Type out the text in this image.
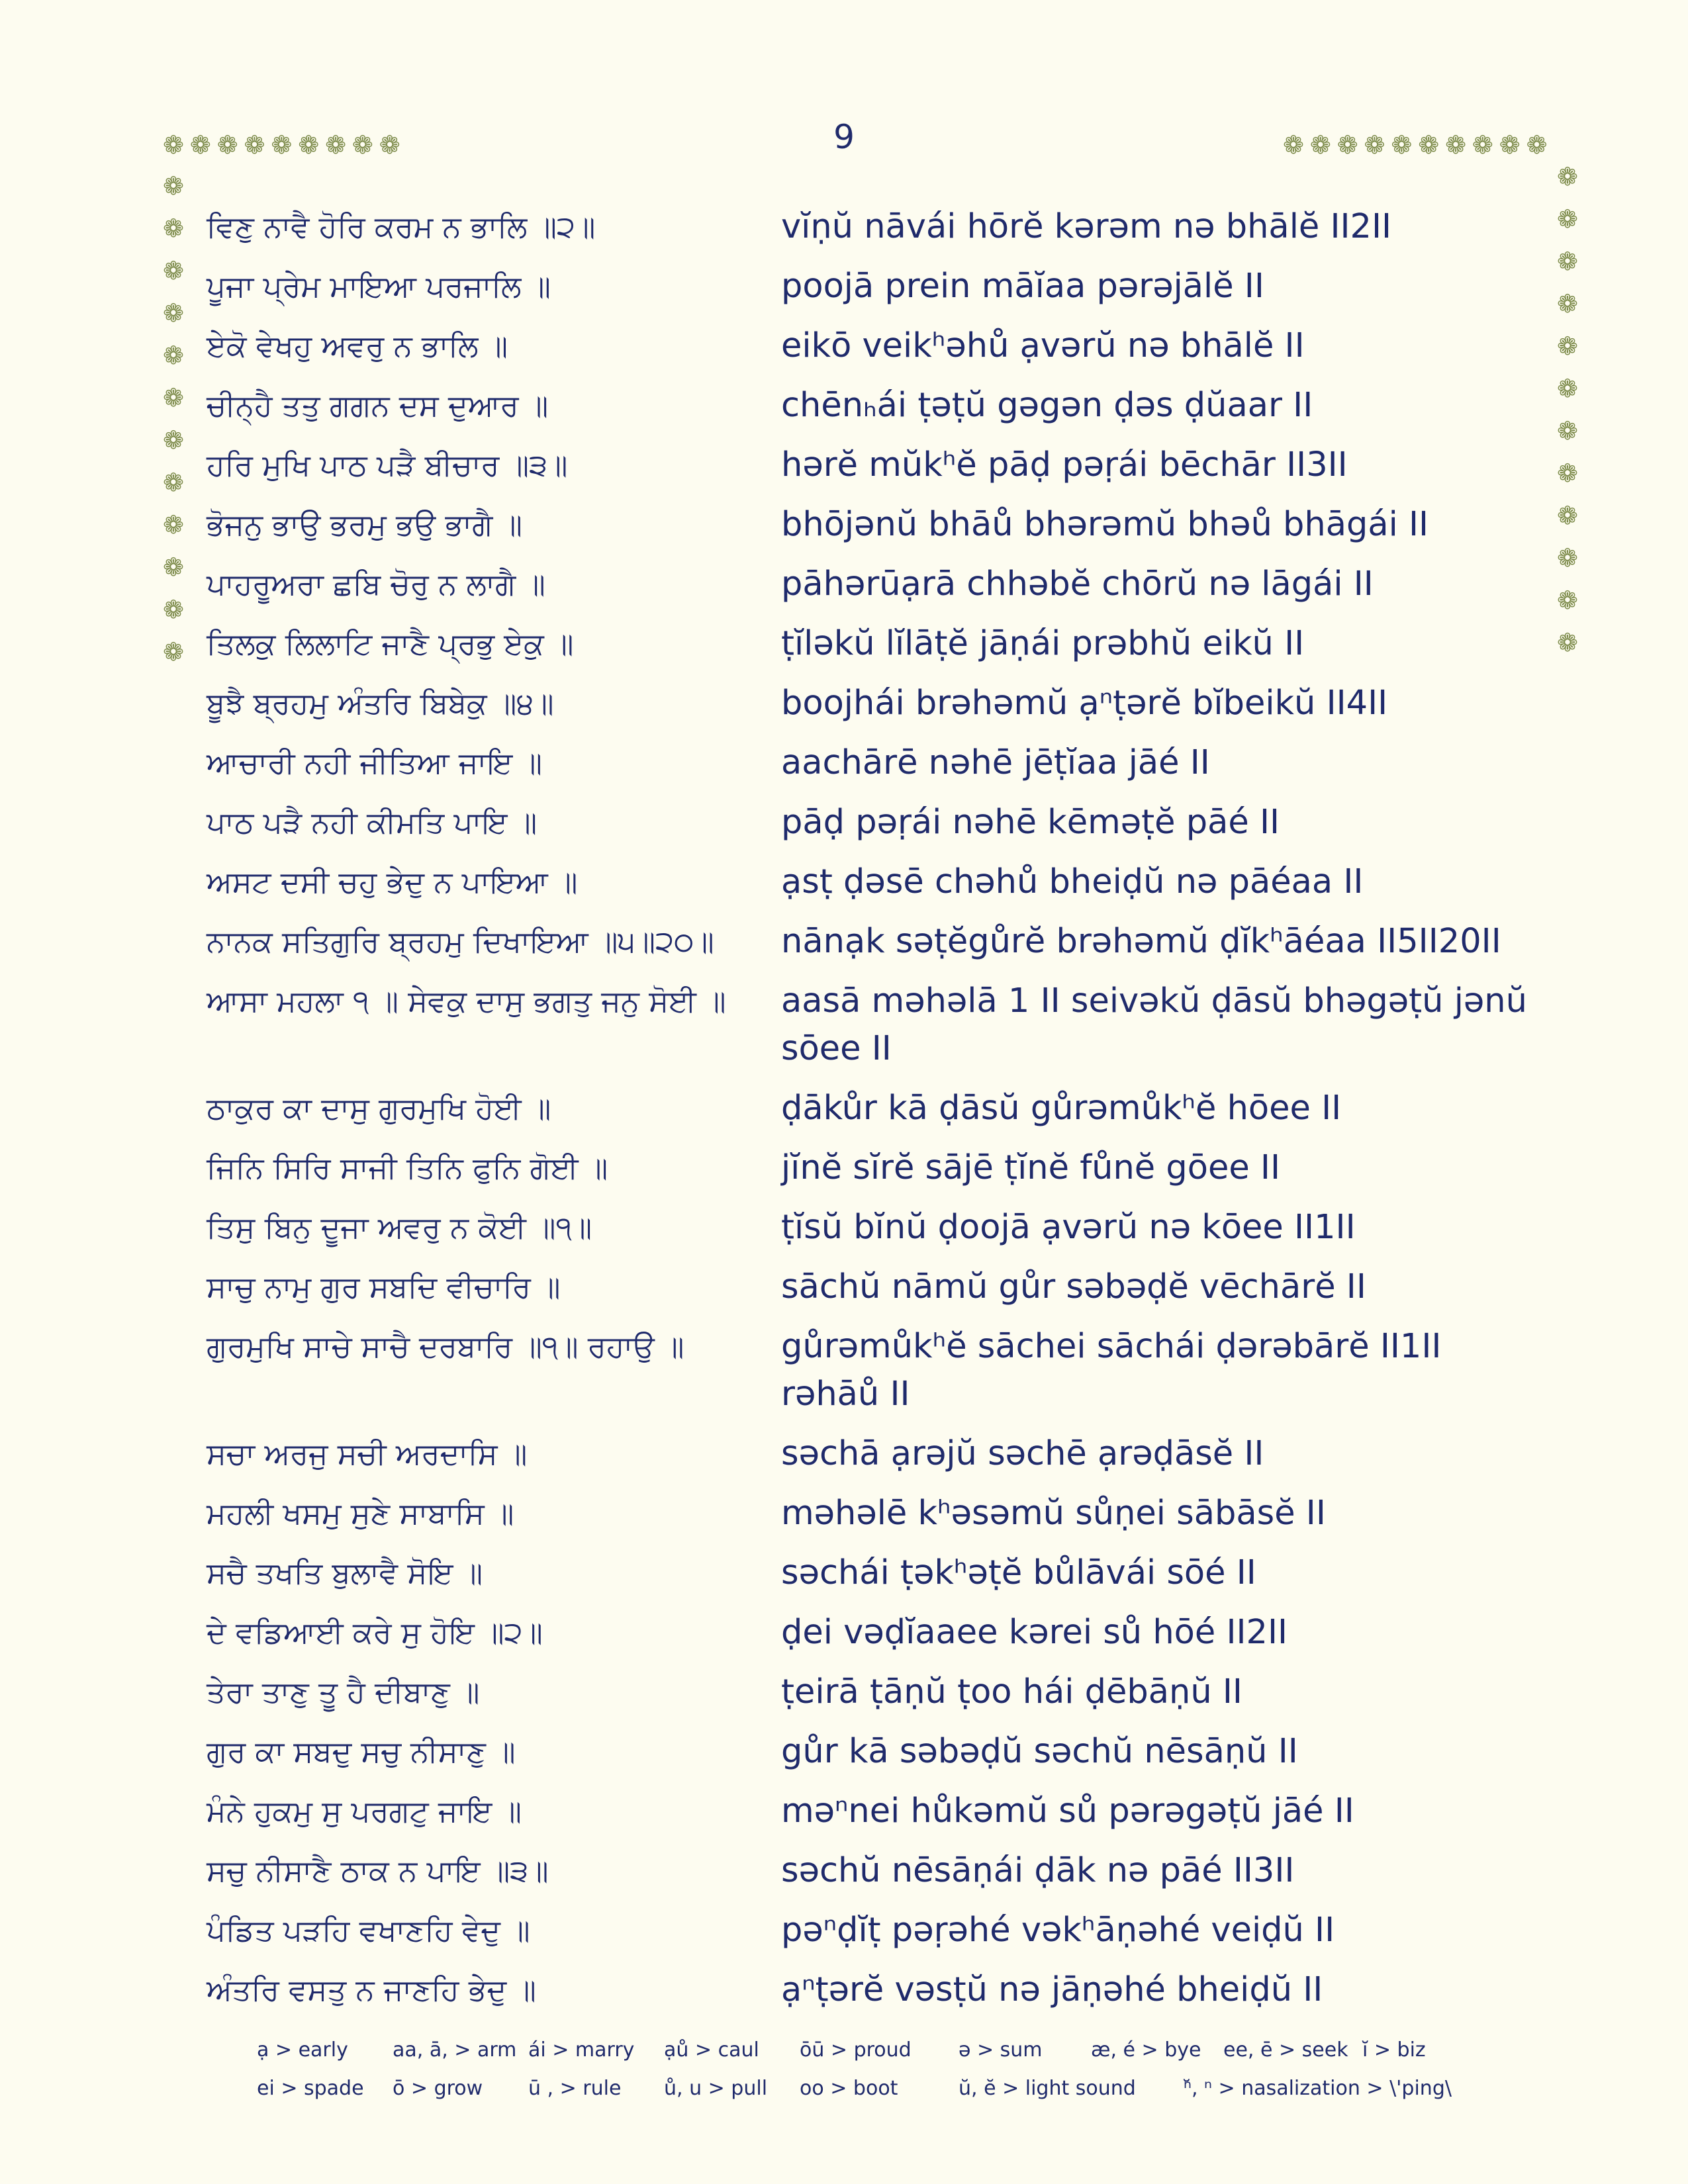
9
❁ ❁ ❁ ❁ ❁ ❁ ❁ ❁ ❁
❁
❁
❁
❁
❁
❁
❁
❁
❁
❁
❁
❁
❁ ❁ ❁ ❁ ❁ ❁ ❁ ❁ ❁ ❁
❁
❁
❁
❁
❁
❁
❁
❁
❁
❁
❁
❁
ਵਿਣੁ ਨਾਵੈ ਹੋਰਿ ਕਰਮ ਨ ਭਾਲਿ ॥੨॥	vĭṇŭ nāvái hōrĕ kərəm nə bhālĕ II2II
ਪੂਜਾ ਪ੍ਰੇਮ ਮਾਇਆ ਪਰਜਾਲਿ ॥	poojā prein māĭaa pərəjālĕ II
ਏਕੋ ਵੇਖਹੁ ਅਵਰੁ ਨ ਭਾਲਿ ॥	eikō veikʰəhů ạvərŭ nə bhālĕ II
ਚੀਨ੍ਹੈ ਤਤੁ ਗਗਨ ਦਸ ਦੁਆਰ ॥	chēnₕái ṭəṭŭ gəgən ḍəs ḍŭaar II
ਹਰਿ ਮੁਖਿ ਪਾਠ ਪੜੈ ਬੀਚਾਰ ॥੩॥	hərĕ mŭkʰĕ pāḍ pəṛái bēchār II3II
ਭੋਜਨੁ ਭਾਉ ਭਰਮੁ ਭਉ ਭਾਗੈ ॥	bhōjənŭ bhāů bhərəmŭ bhəů bhāgái II
ਪਾਹਰੂਅਰਾ ਛਬਿ ਚੋਰੁ ਨ ਲਾਗੈ ॥	pāhərūạrā chhəbĕ chōrŭ nə lāgái II
ਤਿਲਕੁ ਲਿਲਾਟਿ ਜਾਣੈ ਪ੍ਰਭੁ ਏਕੁ ॥	ṭĭləkŭ lĭlāṭĕ jāṇái prəbhŭ eikŭ II
ਬੂਝੈ ਬ੍ਰਹਮੁ ਅੰਤਰਿ ਬਿਬੇਕੁ ॥੪॥	boojhái brəhəmŭ ạⁿṭərĕ bĭbeikŭ II4II
ਆਚਾਰੀ ਨਹੀ ਜੀਤਿਆ ਜਾਇ ॥	aachārē nəhē jēṭĭaa jāé II
ਪਾਠ ਪੜੈ ਨਹੀ ਕੀਮਤਿ ਪਾਇ ॥	pāḍ pəṛái nəhē kēməṭĕ pāé II
ਅਸਟ ਦਸੀ ਚਹੁ ਭੇਦੁ ਨ ਪਾਇਆ ॥	ạsṭ ḍəsē chəhů bheiḍŭ nə pāéaa II
ਨਾਨਕ ਸਤਿਗੁਰਿ ਬ੍ਰਹਮੁ ਦਿਖਾਇਆ ॥੫॥੨੦॥	nānạk səṭĕgůrĕ brəhəmŭ ḍĭkʰāéaa II5II20II
ਆਸਾ ਮਹਲਾ ੧ ॥ ਸੇਵਕੁ ਦਾਸੁ ਭਗਤੁ ਜਨੁ ਸੋਈ ॥	aasā məhəlā 1 II seivəkŭ ḍāsŭ bhəgəṭŭ jənŭ sōee II
ਠਾਕੁਰ ਕਾ ਦਾਸੁ ਗੁਰਮੁਖਿ ਹੋਈ ॥	ḍākůr kā ḍāsŭ gůrəmůkʰĕ hōee II
ਜਿਨਿ ਸਿਰਿ ਸਾਜੀ ਤਿਨਿ ਫੁਨਿ ਗੋਈ ॥	jĭnĕ sĭrĕ sājē ṭĭnĕ fůnĕ gōee II
ਤਿਸੁ ਬਿਨੁ ਦੂਜਾ ਅਵਰੁ ਨ ਕੋਈ ॥੧॥	ṭĭsŭ bĭnŭ ḍoojā ạvərŭ nə kōee II1II
ਸਾਚੁ ਨਾਮੁ ਗੁਰ ਸਬਦਿ ਵੀਚਾਰਿ ॥	sāchŭ nāmŭ gůr səbəḍĕ vēchārĕ II
ਗੁਰਮੁਖਿ ਸਾਚੇ ਸਾਚੈ ਦਰਬਾਰਿ ॥੧॥ ਰਹਾਉ ॥	gůrəmůkʰĕ sāchei sāchái ḍərəbārĕ II1II rəhāů II
ਸਚਾ ਅਰਜੁ ਸਚੀ ਅਰਦਾਸਿ ॥	səchā ạrəjŭ səchē ạrəḍāsĕ II
ਮਹਲੀ ਖਸਮੁ ਸੁਣੇ ਸਾਬਾਸਿ ॥	məhəlē kʰəsəmŭ sůṇei sābāsĕ II
ਸਚੈ ਤਖਤਿ ਬੁਲਾਵੈ ਸੋਇ ॥	səchái ṭəkʰəṭĕ bůlāvái sōé II
ਦੇ ਵਡਿਆਈ ਕਰੇ ਸੁ ਹੋਇ ॥੨॥	ḍei vəḍĭaaee kərei sů hōé II2II
ਤੇਰਾ ਤਾਣੁ ਤੂ ਹੈ ਦੀਬਾਣੁ ॥	ṭeirā ṭāṇŭ ṭoo hái ḍēbāṇŭ II
ਗੁਰ ਕਾ ਸਬਦੁ ਸਚੁ ਨੀਸਾਣੁ ॥	gůr kā səbəḍŭ səchŭ nēsāṇŭ II
ਮੰਨੇ ਹੁਕਮੁ ਸੁ ਪਰਗਟੁ ਜਾਇ ॥	məⁿnei hůkəmŭ sů pərəgəṭŭ jāé II
ਸਚੁ ਨੀਸਾਣੈ ਠਾਕ ਨ ਪਾਇ ॥੩॥	səchŭ nēsāṇái ḍāk nə pāé II3II
ਪੰਡਿਤ ਪੜਹਿ ਵਖਾਣਹਿ ਵੇਦੁ ॥	pəⁿḍĭṭ pəṛəhé vəkʰāṇəhé veiḍŭ II
ਅੰਤਰਿ ਵਸਤੁ ਨ ਜਾਣਹਿ ਭੇਦੁ ॥	ạⁿṭərĕ vəsṭŭ nə jāṇəhé bheiḍŭ II
ạ > early	aa, ā, > arm ái > marry	ạů > caul	ōū > proud	ə > sum	æ, é > bye	ee, ē > seek ĭ > biz
ei > spade	ō > grow	ū , > rule	ů, u > pull	oo > boot	ŭ, ĕ > light sound	ⁿ̆, ⁿ > nasalization > \'ping\
